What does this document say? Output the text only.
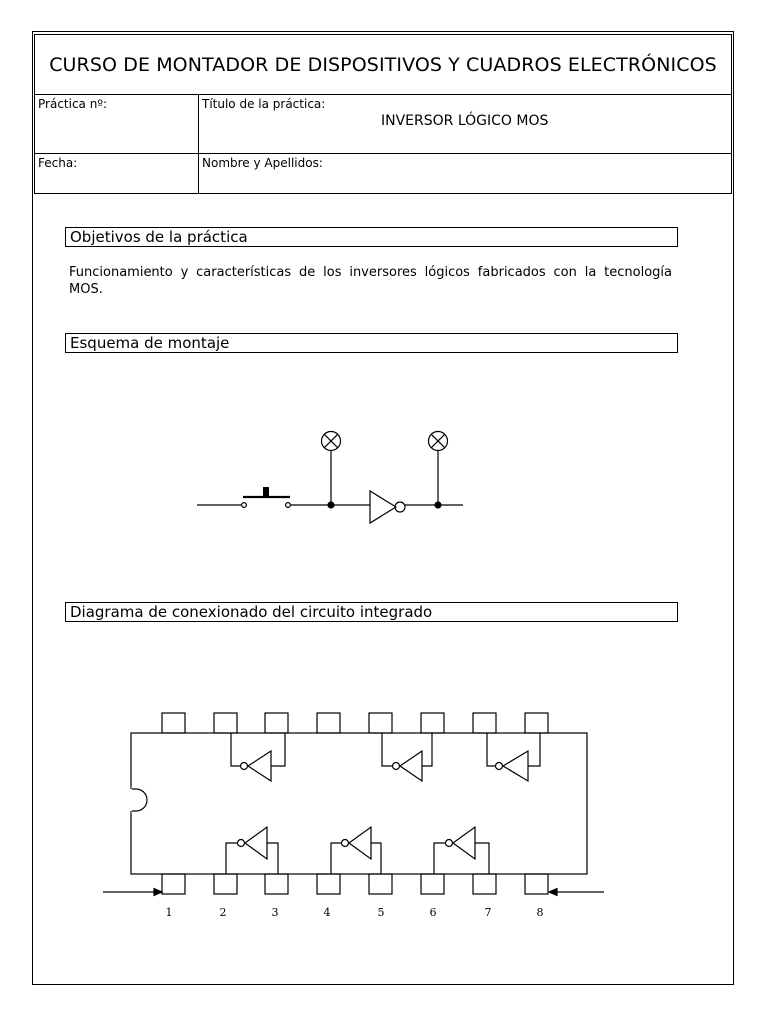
CURSO DE MONTADOR DE DISPOSITIVOS Y CUADROS ELECTRÓNICOS
Práctica nº:	Título de la práctica:
INVERSOR LÓGICO MOS
Fecha:	Nombre y Apellidos:
Objetivos de la práctica
Funcionamiento y características de los inversores lógicos fabricados con la tecnología MOS.
Esquema de montaje
Diagrama de conexionado del circuito integrado
1	2	3	4	5	6	7	8
